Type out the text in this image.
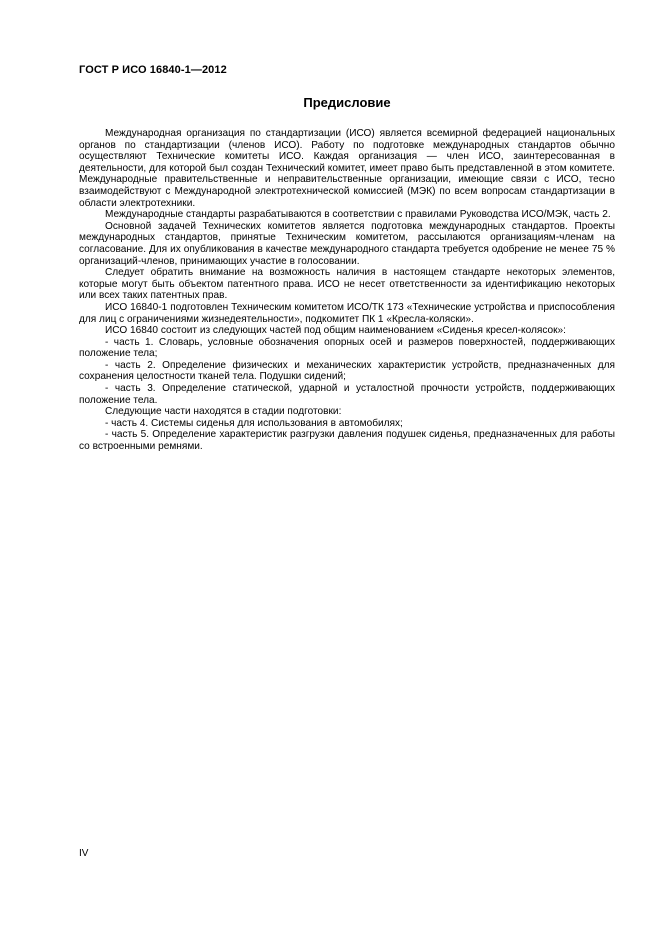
ГОСТ Р ИСО 16840-1—2012
Предисловие

Международная организация по стандартизации (ИСО) является всемирной федерацией национальных органов по стандартизации (членов ИСО). Работу по подготовке международных стандартов обычно осуществляют Технические комитеты ИСО. Каждая организация — член ИСО, заинтересованная в деятельности, для которой был создан Технический комитет, имеет право быть представленной в этом комитете. Международные правительственные и неправительственные организации, имеющие связи с ИСО, тесно взаимодействуют с Международной электротехнической комиссией (МЭК) по всем вопросам стандартизации в области электротехники.

Международные стандарты разрабатываются в соответствии с правилами Руководства ИСО/МЭК, часть 2.

Основной задачей Технических комитетов является подготовка международных стандартов. Проекты международных стандартов, принятые Техническим комитетом, рассылаются организациям-членам на согласование. Для их опубликования в качестве международного стандарта требуется одобрение не менее 75 % организаций-членов, принимающих участие в голосовании.

Следует обратить внимание на возможность наличия в настоящем стандарте некоторых элементов, которые могут быть объектом патентного права. ИСО не несет ответственности за идентификацию некоторых или всех таких патентных прав.

ИСО 16840-1 подготовлен Техническим комитетом ИСО/ТК 173 «Технические устройства и приспособления для лиц с ограничениями жизнедеятельности», подкомитет ПК 1 «Кресла-коляски».

ИСО 16840 состоит из следующих частей под общим наименованием «Сиденья кресел-колясок»:

- часть 1. Словарь, условные обозначения опорных осей и размеров поверхностей, поддерживающих положение тела;

- часть 2. Определение физических и механических характеристик устройств, предназначенных для сохранения целостности тканей тела. Подушки сидений;

- часть 3. Определение статической, ударной и усталостной прочности устройств, поддерживающих положение тела.

Следующие части находятся в стадии подготовки:

- часть 4. Системы сиденья для использования в автомобилях;

- часть 5. Определение характеристик разгрузки давления подушек сиденья, предназначенных для работы со встроенными ремнями.

IV
